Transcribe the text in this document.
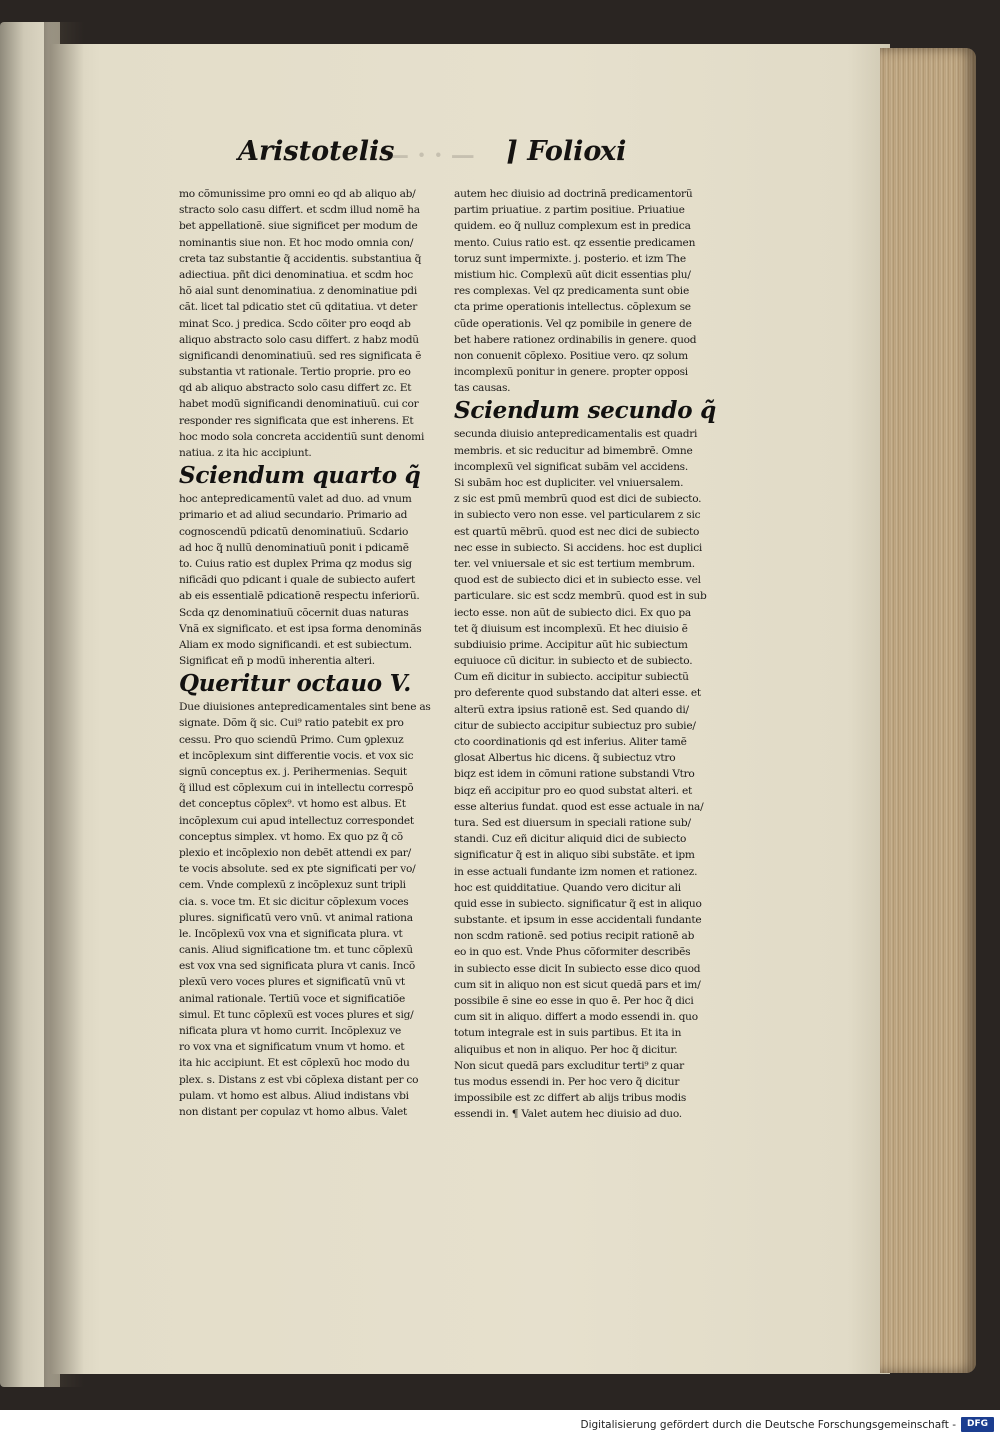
— · · —
Aristotelis	⌉ Folio
xi
mo cõmunissime pro omni eo qd ab aliquo ab/
stracto solo casu differt. et scdm illud nomẽ ha
bet appellationẽ. siue significet per modum de
nominantis siue non. Et hoc modo omnia con/
creta taz substantie q̃ accidentis. substantiua q̃
adiectiua. pñt dici denominatiua. et scdm hoc
hõ aial sunt denominatiua. z denominatiue pdi
cãt. licet tal pdicatio stet cũ qditatiua. vt deter
minat Sco. j predica. Scdo cõiter pro eoqd ab
aliquo abstracto solo casu differt. z habz modũ
significandi denominatiuũ. sed res significata ẽ
substantia vt rationale. Tertio proprie. pro eo
qd ab aliquo abstracto solo casu differt zc. Et
habet modũ significandi denominatiuũ. cui cor
responder res significata que est inherens. Et
hoc modo sola concreta accidentiũ sunt denomi
natiua. z ita hic accipiunt.
Sciendum quarto q̃
hoc antepredicamentũ valet ad duo. ad vnum
primario et ad aliud secundario. Primario ad
cognoscendũ pdicatũ denominatiuũ. Scdario
ad hoc q̃ nullũ denominatiuũ ponit i pdicamẽ
to. Cuius ratio est duplex Prima qz modus sig
nificãdi quo pdicant i quale de subiecto aufert
ab eis essentialẽ pdicationẽ respectu inferiorũ.
Scda qz denominatiuũ cõcernit duas naturas
Vnã ex significato. et est ipsa forma denominãs
Aliam ex modo significandi. et est subiectum.
Significat eñ p modũ inherentia alteri.
Queritur octauo V.
Due diuisiones antepredicamentales sint bene as
signate. Dõm q̃ sic. Cui⁹ ratio patebit ex pro
cessu. Pro quo sciendũ Primo. Cum ꝯplexuz
et incõplexum sint differentie vocis. et vox sic
signũ conceptus ex. j. Perihermenias. Sequit
q̃ illud est cõplexum cui in intellectu correspõ
det conceptus cõplex⁹. vt homo est albus. Et
incõplexum cui apud intellectuz correspondet
conceptus simplex. vt homo. Ex quo pz q̃ cõ
plexio et incõplexio non debẽt attendi ex par/
te vocis absolute. sed ex pte significati per vo/
cem. Vnde complexũ z incõplexuz sunt tripli
cia. s. voce tm. Et sic dicitur cõplexum voces
plures. significatũ vero vnũ. vt animal rationa
le. Incõplexũ vox vna et significata plura. vt
canis. Aliud significatione tm. et tunc cõplexũ
est vox vna sed significata plura vt canis. Incõ
plexũ vero voces plures et significatũ vnũ vt
animal rationale. Tertiũ voce et significatiõe
simul. Et tunc cõplexũ est voces plures et sig/
nificata plura vt homo currit. Incõplexuz ve
ro vox vna et significatum vnum vt homo. et
ita hic accipiunt. Et est cõplexũ hoc modo du
plex. s. Distans z est vbi cõplexa distant per co
pulam. vt homo est albus. Aliud indistans vbi
non distant per copulaz vt homo albus. Valet
autem hec diuisio ad doctrinã predicamentorũ
partim priuatiue. z partim positiue. Priuatiue
quidem. eo q̃ nulluz complexum est in predica
mento. Cuius ratio est. qz essentie predicamen
toruz sunt impermixte. j. posterio. et izm The
mistium hic. Complexũ aũt dicit essentias plu/
res complexas. Vel qz predicamenta sunt obie
cta prime operationis intellectus. cõplexum se
cũde operationis. Vel qz pomibile in genere de
bet habere rationez ordinabilis in genere. quod
non conuenit cõplexo. Positiue vero. qz solum
incomplexũ ponitur in genere. propter opposi
tas causas.
Sciendum secundo q̃
secunda diuisio antepredicamentalis est quadri
membris. et sic reducitur ad bimembrẽ. Omne
incomplexũ vel significat subãm vel accidens.
Si subãm hoc est dupliciter. vel vniuersalem.
z sic est pmũ membrũ quod est dici de subiecto.
in subiecto vero non esse. vel particularem z sic
est quartũ mẽbrũ. quod est nec dici de subiecto
nec esse in subiecto. Si accidens. hoc est duplici
ter. vel vniuersale et sic est tertium membrum.
quod est de subiecto dici et in subiecto esse. vel
particulare. sic est scdz membrũ. quod est in sub
iecto esse. non aũt de subiecto dici. Ex quo pa
tet q̃ diuisum est incomplexũ. Et hec diuisio ẽ
subdiuisio prime. Accipitur aũt hic subiectum
equiuoce cũ dicitur. in subiecto et de subiecto.
Cum eñ dicitur in subiecto. accipitur subiectũ
pro deferente quod substando dat alteri esse. et
alterũ extra ipsius rationẽ est. Sed quando di/
citur de subiecto accipitur subiectuz pro subie/
cto coordinationis qd est inferius. Aliter tamẽ
glosat Albertus hic dicens. q̃ subiectuz vtro
biqz est idem in cõmuni ratione substandi Vtro
biqz eñ accipitur pro eo quod substat alteri. et
esse alterius fundat. quod est esse actuale in na/
tura. Sed est diuersum in speciali ratione sub/
standi. Cuz eñ dicitur aliquid dici de subiecto
significatur q̃ est in aliquo sibi substãte. et ipm
in esse actuali fundante izm nomen et rationez.
hoc est quidditatiue. Quando vero dicitur ali
quid esse in subiecto. significatur q̃ est in aliquo
substante. et ipsum in esse accidentali fundante
non scdm rationẽ. sed potius recipit rationẽ ab
eo in quo est. Vnde Phus cõformiter describẽs
in subiecto esse dicit In subiecto esse dico quod
cum sit in aliquo non est sicut quedã pars et im/
possibile ẽ sine eo esse in quo ẽ. Per hoc q̃ dici
cum sit in aliquo. differt a modo essendi in. quo
totum integrale est in suis partibus. Et ita in
aliquibus et non in aliquo. Per hoc q̃ dicitur.
Non sicut quedã pars excluditur terti⁹ z quar
tus modus essendi in. Per hoc vero q̃ dicitur
impossibile est zc differt ab alijs tribus modis
essendi in. ¶ Valet autem hec diuisio ad duo.
Digitalisierung gefördert durch die Deutsche Forschungsgemeinschaft -	DFG
